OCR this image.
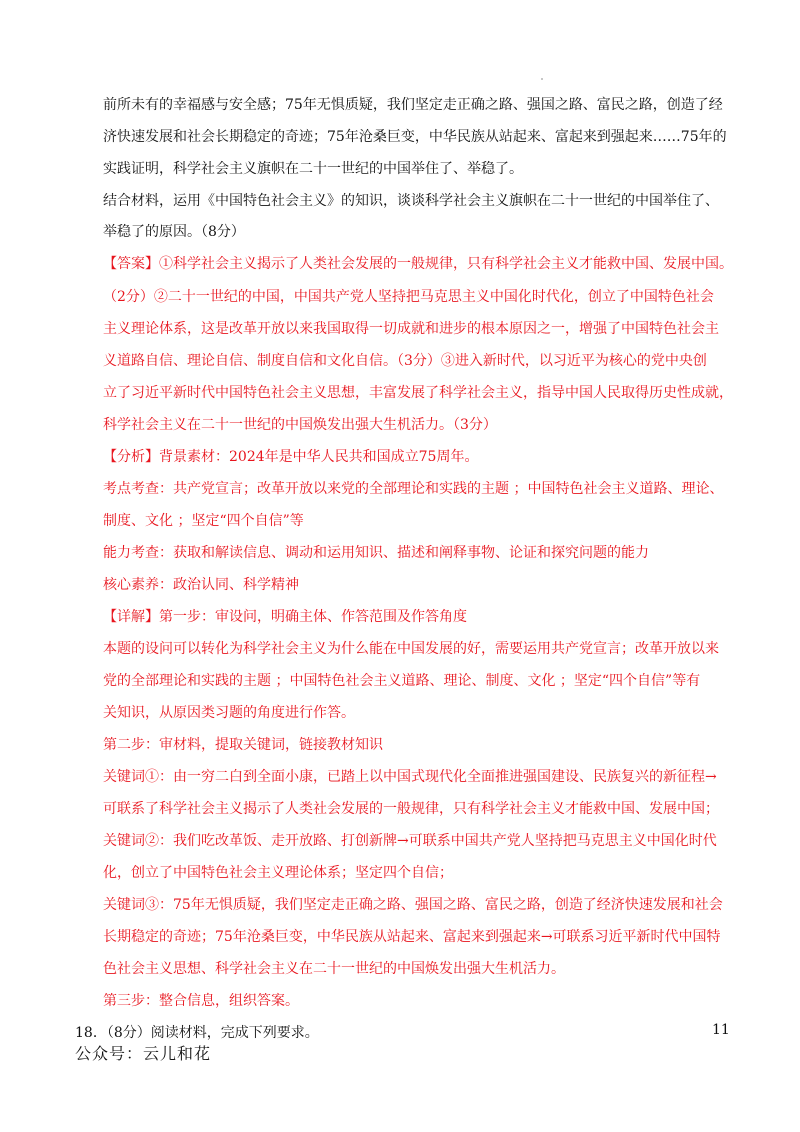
前所未有的幸福感与安全感；75年无惧质疑，我们坚定走正确之路、强国之路、富民之路，创造了经
济快速发展和社会长期稳定的奇迹；75年沧桑巨变，中华民族从站起来、富起来到强起来……75年的
实践证明，科学社会主义旗帜在二十一世纪的中国举住了、举稳了。
结合材料，运用《中国特色社会主义》的知识，谈谈科学社会主义旗帜在二十一世纪的中国举住了、
举稳了的原因。（8分）
【答案】①科学社会主义揭示了人类社会发展的一般规律，只有科学社会主义才能救中国、发展中国。
（2分）②二十一世纪的中国，中国共产党人坚持把马克思主义中国化时代化，创立了中国特色社会
主义理论体系，这是改革开放以来我国取得一切成就和进步的根本原因之一，增强了中国特色社会主
义道路自信、理论自信、制度自信和文化自信。（3分）③进入新时代，以习近平为核心的党中央创
立了习近平新时代中国特色社会主义思想，丰富发展了科学社会主义，指导中国人民取得历史性成就，
科学社会主义在二十一世纪的中国焕发出强大生机活力。（3分）
【分析】背景素材：2024年是中华人民共和国成立75周年。
考点考查：共产党宣言；改革开放以来党的全部理论和实践的主题 ；中国特色社会主义道路、理论、
制度、文化 ；坚定“四个自信”等
能力考查：获取和解读信息、调动和运用知识、描述和阐释事物、论证和探究问题的能力
核心素养：政治认同、科学精神
【详解】第一步：审设问，明确主体、作答范围及作答角度
本题的设问可以转化为科学社会主义为什么能在中国发展的好，需要运用共产党宣言；改革开放以来
党的全部理论和实践的主题 ；中国特色社会主义道路、理论、制度、文化 ；坚定“四个自信”等有
关知识，从原因类习题的角度进行作答。
第二步：审材料，提取关键词，链接教材知识
关键词①：由一穷二白到全面小康，已踏上以中国式现代化全面推进强国建设、民族复兴的新征程→
可联系了科学社会主义揭示了人类社会发展的一般规律，只有科学社会主义才能救中国、发展中国；
关键词②：我们吃改革饭、走开放路、打创新牌→可联系中国共产党人坚持把马克思主义中国化时代
化，创立了中国特色社会主义理论体系；坚定四个自信；
关键词③：75年无惧质疑，我们坚定走正确之路、强国之路、富民之路，创造了经济快速发展和社会
长期稳定的奇迹；75年沧桑巨变，中华民族从站起来、富起来到强起来→可联系习近平新时代中国特
色社会主义思想、科学社会主义在二十一世纪的中国焕发出强大生机活力。
第三步：整合信息，组织答案。
18．（8分）阅读材料，完成下列要求。	11
公众号：云儿和花
